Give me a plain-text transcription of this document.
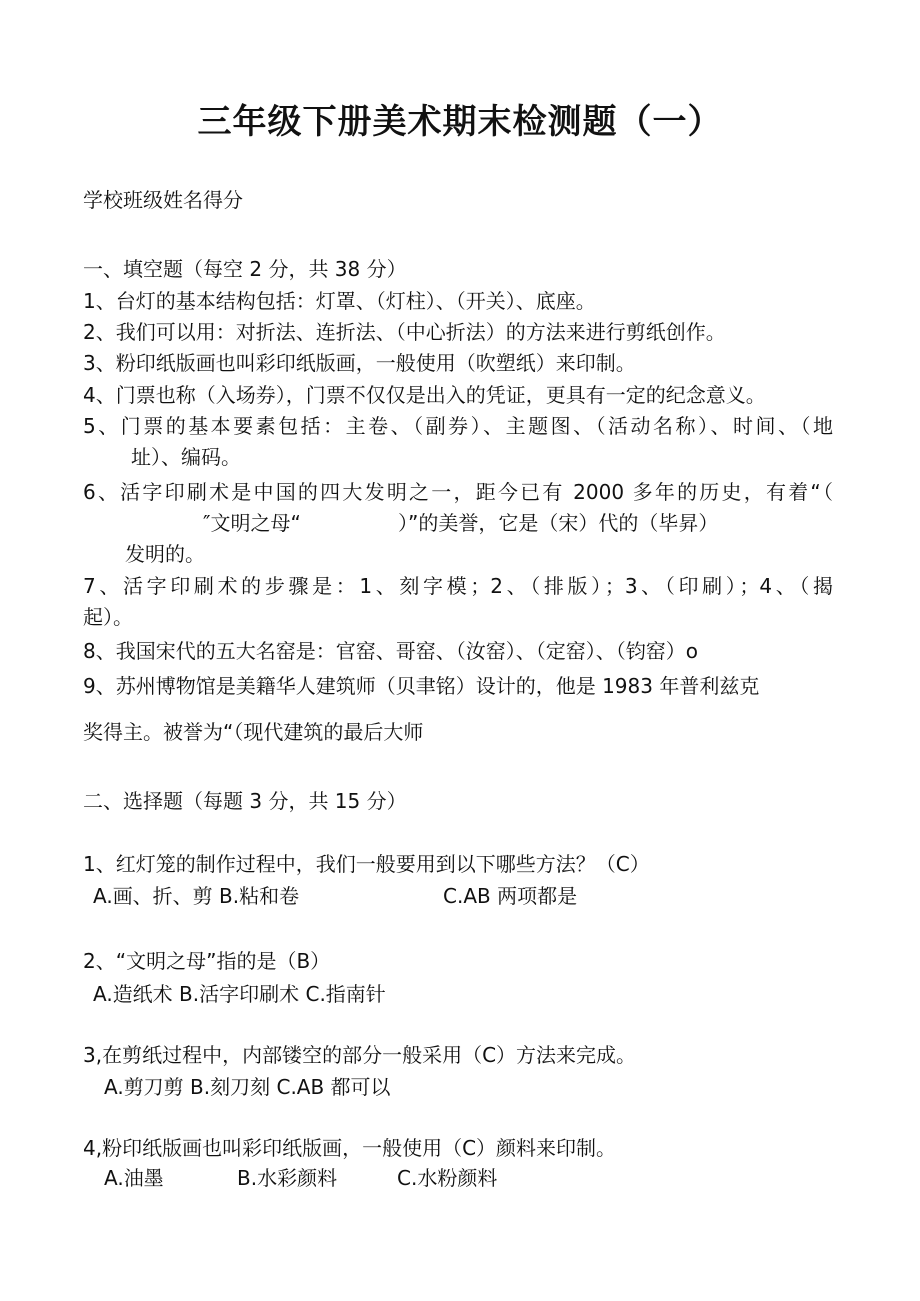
三年级下册美术期末检测题（一）
学校班级姓名得分
一、填空题（每空 2 分，共 38 分）
1、台灯的基本结构包括：灯罩、（灯柱）、（开关）、底座。
2、我们可以用：对折法、连折法、（中心折法）的方法来进行剪纸创作。
3、粉印纸版画也叫彩印纸版画，一般使用（吹塑纸）来印制。
4、门票也称（入场券），门票不仅仅是出入的凭证，更具有一定的纪念意义。
5、门票的基本要素包括：主卷、（副券）、主题图、（活动名称）、时间、（地
址）、编码。
6、活字印刷术是中国的四大发明之一，距今已有 2000 多年的历史，有着“（
″文明之母“	）”的美誉，它是（宋）代的（毕昇）
发明的。
7、活字印刷术的步骤是：1、刻字模；2、（排版）；3、（印刷）；4、（揭
起）。
8、我国宋代的五大名窑是：官窑、哥窑、（汝窑）、（定窑）、（钧窑）o
9、苏州博物馆是美籍华人建筑师（贝聿铭）设计的，他是 1983 年普利兹克
奖得主。被誉为“（现代建筑的最后大师
二、选择题（每题 3 分，共 15 分）
1、红灯笼的制作过程中，我们一般要用到以下哪些方法？（C）
A.画、折、剪 B.粘和卷	C.AB 两项都是
2、“文明之母”指的是（B）
A.造纸术 B.活字印刷术 C.指南针
3,在剪纸过程中，内部镂空的部分一般采用（C）方法来完成。
A.剪刀剪 B.刻刀刻 C.AB 都可以
4,粉印纸版画也叫彩印纸版画，一般使用（C）颜料来印制。
A.油墨	B.水彩颜料	C.水粉颜料
